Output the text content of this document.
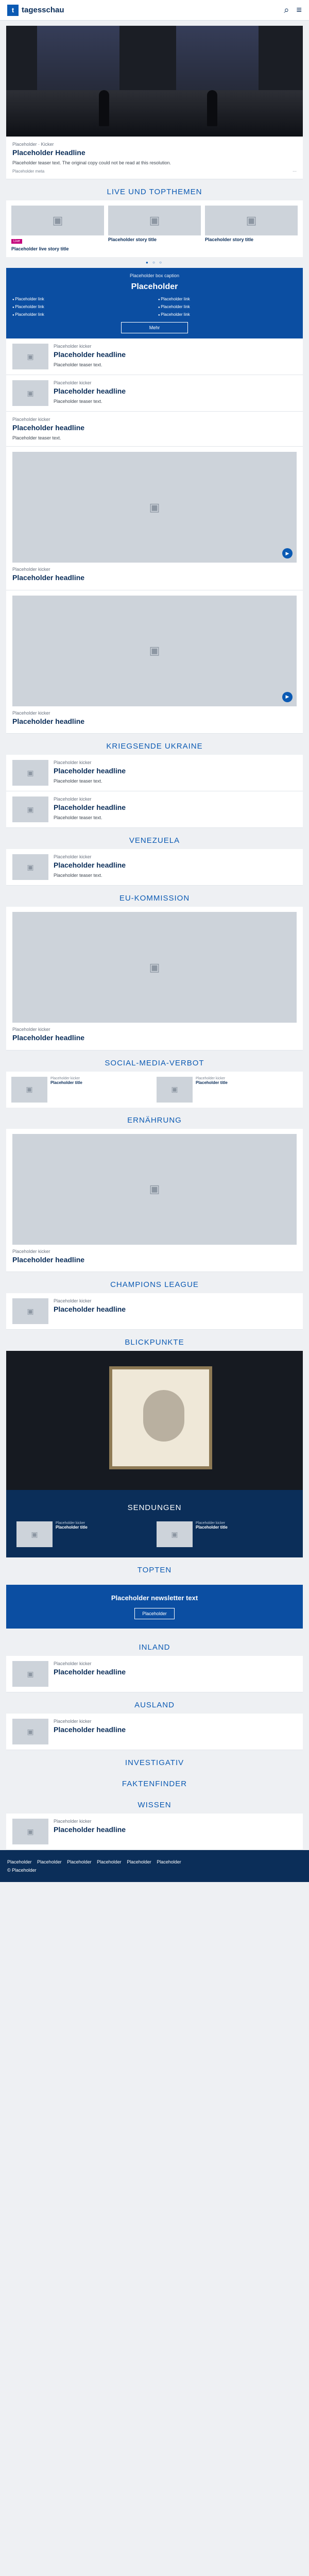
t tagesschau	⌕ ≡
Placeholder · Kicker
Placeholder Headline
Placeholder teaser text. The original copy could not be read at this resolution.
Placeholder meta	⋯
LIVE UND TOPTHEMEN
▣
Live
Placeholder live story title
▣
Placeholder story title
▣
Placeholder story title
● ○ ○
Placeholder box caption
Placeholder
● Placeholder link	● Placeholder link
● Placeholder link	● Placeholder link
● Placeholder link	● Placeholder link
Mehr
▣
Placeholder kicker
Placeholder headline
Placeholder teaser text.
▣
Placeholder kicker
Placeholder headline
Placeholder teaser text.
Placeholder kicker
Placeholder headline
Placeholder teaser text.
▣
▶
Placeholder kicker
Placeholder headline
▣
▶
Placeholder kicker
Placeholder headline
KRIEGSENDE UKRAINE
▣
Placeholder kicker
Placeholder headline
Placeholder teaser text.
▣
Placeholder kicker
Placeholder headline
Placeholder teaser text.
VENEZUELA
▣
Placeholder kicker
Placeholder headline
Placeholder teaser text.
EU-KOMMISSION
▣
Placeholder kicker
Placeholder headline
SOCIAL-MEDIA-VERBOT
▣
Placeholder kicker
Placeholder title
▣
Placeholder kicker
Placeholder title
ERNÄHRUNG
▣
Placeholder kicker
Placeholder headline
CHAMPIONS LEAGUE
▣
Placeholder kicker
Placeholder headline
BLICKPUNKTE
SENDUNGEN
▣
Placeholder kicker
Placeholder title
▣
Placeholder kicker
Placeholder title
TOPTEN
Placeholder newsletter text
Placeholder
INLAND
▣
Placeholder kicker
Placeholder headline
AUSLAND
▣
Placeholder kicker
Placeholder headline
INVESTIGATIV
FAKTENFINDER
WISSEN
▣
Placeholder kicker
Placeholder headline
Placeholder Placeholder Placeholder Placeholder Placeholder Placeholder
© Placeholder
